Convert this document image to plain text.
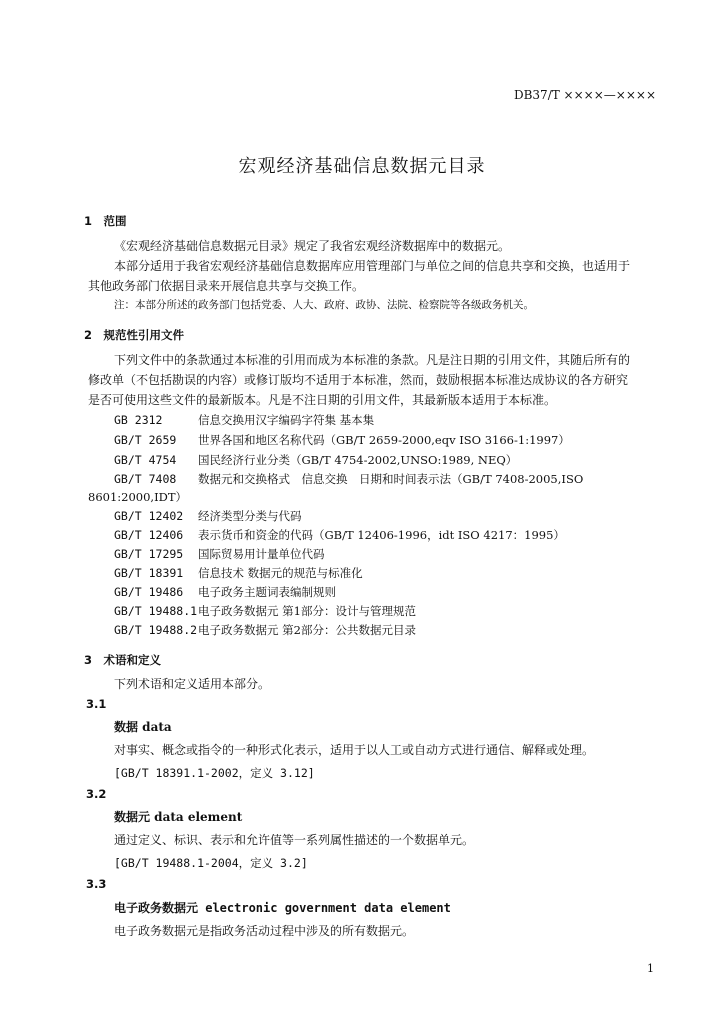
DB37/T ××××—××××
宏观经济基础信息数据元目录
1　范围
《宏观经济基础信息数据元目录》规定了我省宏观经济数据库中的数据元。
本部分适用于我省宏观经济基础信息数据库应用管理部门与单位之间的信息共享和交换，也适用于
其他政务部门依据目录来开展信息共享与交换工作。
注：本部分所述的政务部门包括党委、人大、政府、政协、法院、检察院等各级政务机关。
2　规范性引用文件
下列文件中的条款通过本标准的引用而成为本标准的条款。凡是注日期的引用文件，其随后所有的
修改单（不包括勘误的内容）或修订版均不适用于本标准，然而，鼓励根据本标准达成协议的各方研究
是否可使用这些文件的最新版本。凡是不注日期的引用文件，其最新版本适用于本标准。
GB 2312	信息交换用汉字编码字符集 基本集
GB/T 2659 世界各国和地区名称代码（GB/T 2659-2000,eqv ISO 3166-1:1997）
GB/T 4754 国民经济行业分类（GB/T 4754-2002,UNSO:1989, NEQ）
GB/T 7408 数据元和交换格式　信息交换　日期和时间表示法（GB/T 7408-2005,ISO
8601:2000,IDT）
GB/T 12402 经济类型分类与代码
GB/T 12406 表示货币和资金的代码（GB/T 12406-1996，idt ISO 4217：1995）
GB/T 17295 国际贸易用计量单位代码
GB/T 18391 信息技术 数据元的规范与标准化
GB/T 19486 电子政务主题词表编制规则
GB/T 19488.1电子政务数据元 第1部分：设计与管理规范
GB/T 19488.2电子政务数据元 第2部分：公共数据元目录
3　术语和定义
下列术语和定义适用本部分。
3.1
数据 data
对事实、概念或指令的一种形式化表示，适用于以人工或自动方式进行通信、解释或处理。
[GB/T 18391.1-2002，定义 3.12]
3.2
数据元 data element
通过定义、标识、表示和允许值等一系列属性描述的一个数据单元。
[GB/T 19488.1-2004，定义 3.2]
3.3
电子政务数据元 electronic government data element
电子政务数据元是指政务活动过程中涉及的所有数据元。
1
